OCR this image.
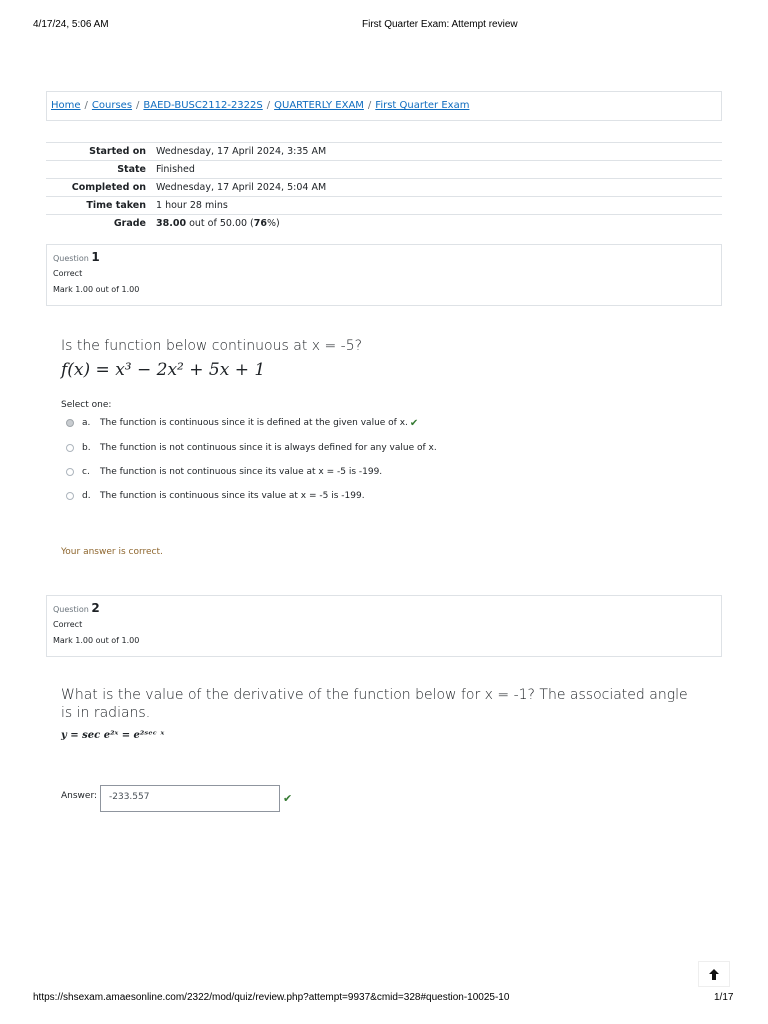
4/17/24, 5:06 AM	First Quarter Exam: Attempt review
Home / Courses / BAED-BUSC2112-2322S / QUARTERLY EXAM / First Quarter Exam
Started on	Wednesday, 17 April 2024, 3:35 AM
State	Finished
Completed on	Wednesday, 17 April 2024, 5:04 AM
Time taken	1 hour 28 mins
Grade	38.00 out of 50.00 (76%)
Question 1
Correct
Mark 1.00 out of 1.00
Is the function below continuous at x = -5?
f(x) = x³ − 2x² + 5x + 1
Select one:
a.	The function is continuous since it is defined at the given value of x. ✔
b.	The function is not continuous since it is always defined for any value of x.
c.	The function is not continuous since its value at x = -5 is -199.
d.	The function is continuous since its value at x = -5 is -199.
Your answer is correct.
Question 2
Correct
Mark 1.00 out of 1.00
What is the value of the derivative of the function below for x = -1? The associated angle is in radians.
y = sec e²ˣ = e²ˢᵉᶜ ˣ
Answer:	-233.557	✔
https://shsexam.amaesonline.com/2322/mod/quiz/review.php?attempt=9937&cmid=328#question-10025-10	1/17
